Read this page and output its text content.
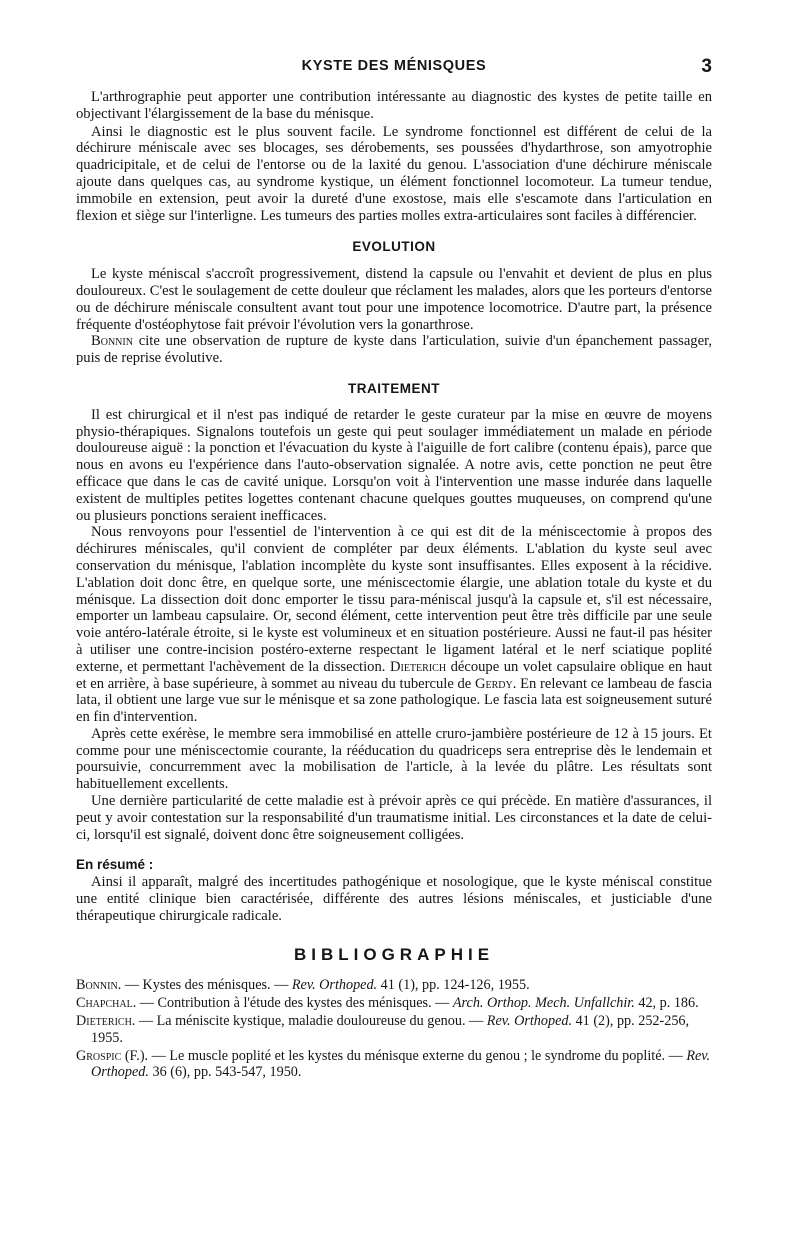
KYSTE DES MÉNISQUES	3

L'arthrographie peut apporter une contribution intéressante au diagnostic des kystes de petite taille en objectivant l'élargissement de la base du ménisque.

Ainsi le diagnostic est le plus souvent facile. Le syndrome fonctionnel est différent de celui de la déchirure méniscale avec ses blocages, ses dérobements, ses poussées d'hydarthrose, son amyotrophie quadricipitale, et de celui de l'entorse ou de la laxité du genou. L'association d'une déchirure méniscale ajoute dans quelques cas, au syndrome kystique, un élément fonctionnel locomoteur. La tumeur tendue, immobile en extension, peut avoir la dureté d'une exostose, mais elle s'escamote dans l'articulation en flexion et siège sur l'interligne. Les tumeurs des parties molles extra-articulaires sont faciles à différencier.

EVOLUTION

Le kyste méniscal s'accroît progressivement, distend la capsule ou l'envahit et devient de plus en plus douloureux. C'est le soulagement de cette douleur que réclament les malades, alors que les porteurs d'entorse ou de déchirure méniscale consultent avant tout pour une impotence locomotrice. D'autre part, la présence fréquente d'ostéophytose fait prévoir l'évolution vers la gonarthrose.

Bonnin cite une observation de rupture de kyste dans l'articulation, suivie d'un épanchement passager, puis de reprise évolutive.

TRAITEMENT

Il est chirurgical et il n'est pas indiqué de retarder le geste curateur par la mise en œuvre de moyens physio-thérapiques. Signalons toutefois un geste qui peut soulager immédiatement un malade en période douloureuse aiguë : la ponction et l'évacuation du kyste à l'aiguille de fort calibre (contenu épais), parce que nous en avons eu l'expérience dans l'auto-observation signalée. A notre avis, cette ponction ne peut être efficace que dans le cas de cavité unique. Lorsqu'on voit à l'intervention une masse indurée dans laquelle existent de multiples petites logettes contenant chacune quelques gouttes muqueuses, on comprend qu'une ou plusieurs ponctions seraient inefficaces.

Nous renvoyons pour l'essentiel de l'intervention à ce qui est dit de la méniscectomie à propos des déchirures méniscales, qu'il convient de compléter par deux éléments. L'ablation du kyste seul avec conservation du ménisque, l'ablation incomplète du kyste sont insuffisantes. Elles exposent à la récidive. L'ablation doit donc être, en quelque sorte, une méniscectomie élargie, une ablation totale du kyste et du ménisque. La dissection doit donc emporter le tissu para-méniscal jusqu'à la capsule et, s'il est nécessaire, emporter un lambeau capsulaire. Or, second élément, cette intervention peut être très difficile par une seule voie antéro-latérale étroite, si le kyste est volumineux et en situation postérieure. Aussi ne faut-il pas hésiter à utiliser une contre-incision postéro-externe respectant le ligament latéral et le nerf sciatique poplité externe, et permettant l'achèvement de la dissection. Dieterich découpe un volet capsulaire oblique en haut et en arrière, à base supérieure, à sommet au niveau du tubercule de Gerdy. En relevant ce lambeau de fascia lata, il obtient une large vue sur le ménisque et sa zone pathologique. Le fascia lata est soigneusement suturé en fin d'intervention.

Après cette exérèse, le membre sera immobilisé en attelle cruro-jambière postérieure de 12 à 15 jours. Et comme pour une méniscectomie courante, la rééducation du quadriceps sera entreprise dès le lendemain et poursuivie, concurremment avec la mobilisation de l'article, à la levée du plâtre. Les résultats sont habituellement excellents.

Une dernière particularité de cette maladie est à prévoir après ce qui précède. En matière d'assurances, il peut y avoir contestation sur la responsabilité d'un traumatisme initial. Les circonstances et la date de celui-ci, lorsqu'il est signalé, doivent donc être soigneusement colligées.

En résumé :

Ainsi il apparaît, malgré des incertitudes pathogénique et nosologique, que le kyste méniscal constitue une entité clinique bien caractérisée, différente des autres lésions méniscales, et justiciable d'une thérapeutique chirurgicale radicale.

BIBLIOGRAPHIE

Bonnin. — Kystes des ménisques. — Rev. Orthoped. 41 (1), pp. 124-126, 1955.

Chapchal. — Contribution à l'étude des kystes des ménisques. — Arch. Orthop. Mech. Unfallchir. 42, p. 186.

Dieterich. — La méniscite kystique, maladie douloureuse du genou. — Rev. Orthoped. 41 (2), pp. 252-256, 1955.

Grospic (F.). — Le muscle poplité et les kystes du ménisque externe du genou ; le syndrome du poplité. — Rev. Orthoped. 36 (6), pp. 543-547, 1950.
